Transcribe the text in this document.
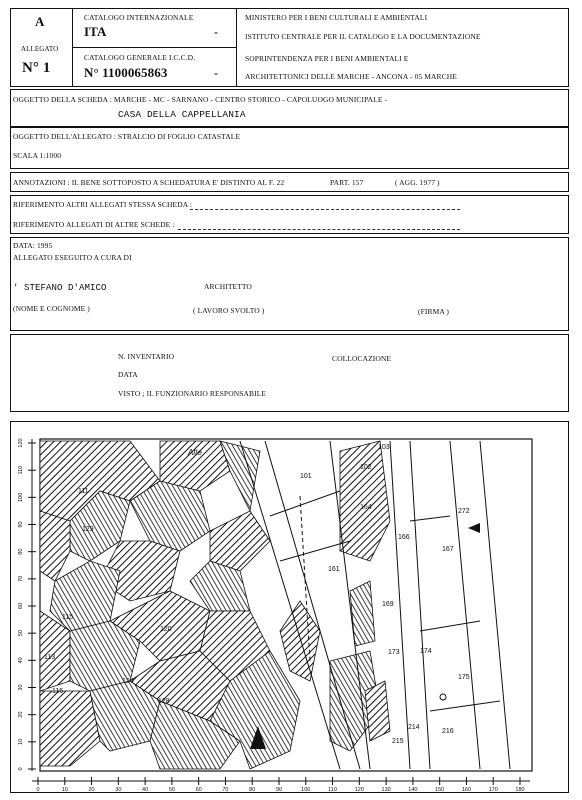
A
ALLEGATO
N° 1
CATALOGO INTERNAZIONALE
ITA	-
CATALOGO GENERALE I.C.C.D.
N° 1100065863	-
MINISTERO PER I BENI CULTURALI E AMBIENTALI
ISTITUTO CENTRALE PER IL CATALOGO E LA DOCUMENTAZIONE
SOPRINTENDENZA PER I BENI AMBIENTALI E
ARCHITETTONICI DELLE MARCHE - ANCONA - 05 MARCHE
OGGETTO DELLA SCHEDA : MARCHE - MC - SARNANO - CENTRO STORICO - CAPOLUOGO MUNICIPALE -
CASA DELLA CAPPELLANIA
OGGETTO DELL'ALLEGATO : STRALCIO DI FOGLIO CATASTALE
SCALA 1:1000
ANNOTAZIONI : IL BENE SOTTOPOSTO A SCHEDATURA E' DISTINTO AL F. 22	PART. 157	( AGG. 1977 )
RIFERIMENTO ALTRI ALLEGATI STESSA SCHEDA :
RIFERIMENTO ALLEGATI DI ALTRE SCHEDE :
DATA: 1995
ALLEGATO ESEGUITO A CURA DI
' STEFANO D'AMICO	ARCHITETTO
(NOME E COGNOME )	( LAVORO SVOLTO )	(FIRMA )
N. INVENTARIO	COLLOCAZIONE
DATA
VISTO ; IL FUNZIONARIO RESPONSABILE
120
110
100
90
80
70
60
50
40
30
20
10
0
0	10	20	30	40	50	60	70	80	90	100	110	120	130	140	150	160	170	180
103
102
101
164
166
167
161
169
174
173
175
214
216
215
129
128
124
120
115
116
272
111
113
Alte
